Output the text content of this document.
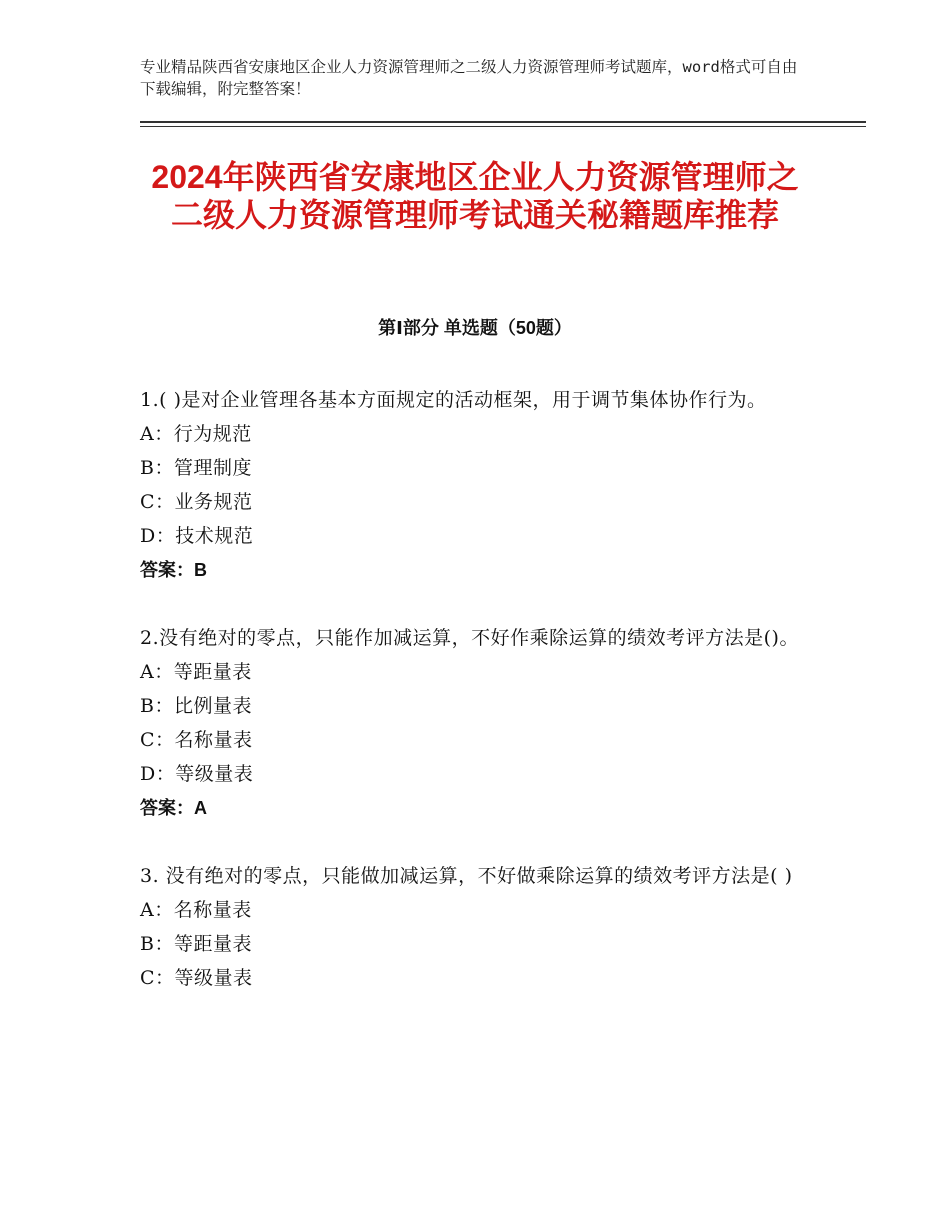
专业精品陕西省安康地区企业人力资源管理师之二级人力资源管理师考试题库，word格式可自由下载编辑，附完整答案！
2024年陕西省安康地区企业人力资源管理师之二级人力资源管理师考试通关秘籍题库推荐
第Ⅰ部分 单选题（50题）
1.( )是对企业管理各基本方面规定的活动框架，用于调节集体协作行为。
A：行为规范
B：管理制度
C：业务规范
D：技术规范
答案：B
2.没有绝对的零点，只能作加减运算，不好作乘除运算的绩效考评方法是()。
A：等距量表
B：比例量表
C：名称量表
D：等级量表
答案：A
3. 没有绝对的零点，只能做加减运算，不好做乘除运算的绩效考评方法是( )
A：名称量表
B：等距量表
C：等级量表
